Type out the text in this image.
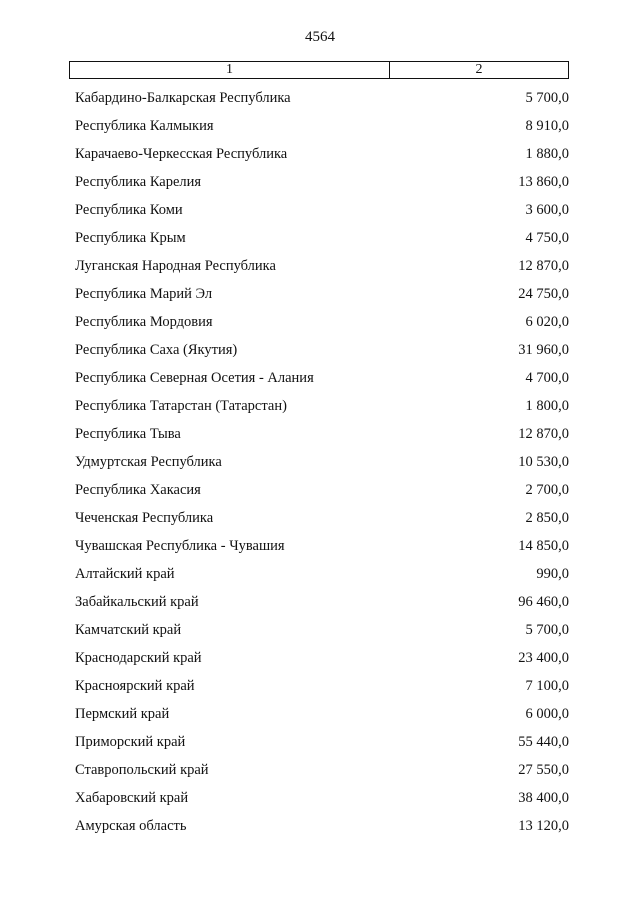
4564
1	2
Кабардино-Балкарская Республика	5 700,0
Республика Калмыкия	8 910,0
Карачаево-Черкесская Республика	1 880,0
Республика Карелия	13 860,0
Республика Коми	3 600,0
Республика Крым	4 750,0
Луганская Народная Республика	12 870,0
Республика Марий Эл	24 750,0
Республика Мордовия	6 020,0
Республика Саха (Якутия)	31 960,0
Республика Северная Осетия - Алания	4 700,0
Республика Татарстан (Татарстан)	1 800,0
Республика Тыва	12 870,0
Удмуртская Республика	10 530,0
Республика Хакасия	2 700,0
Чеченская Республика	2 850,0
Чувашская Республика - Чувашия	14 850,0
Алтайский край	990,0
Забайкальский край	96 460,0
Камчатский край	5 700,0
Краснодарский край	23 400,0
Красноярский край	7 100,0
Пермский край	6 000,0
Приморский край	55 440,0
Ставропольский край	27 550,0
Хабаровский край	38 400,0
Амурская область	13 120,0
